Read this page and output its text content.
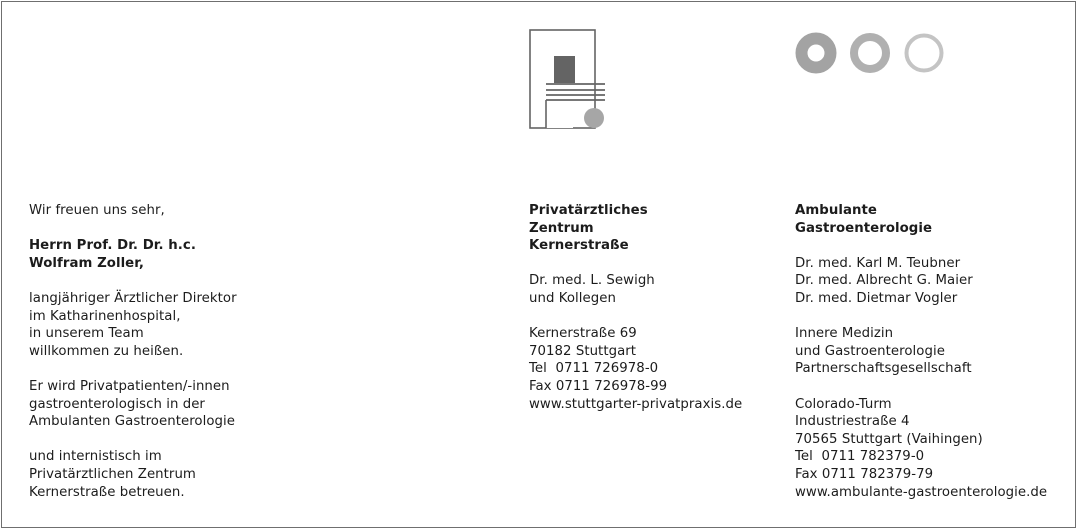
Wir freuen uns sehr,

Herrn Prof. Dr. Dr. h.c.

Wolfram Zoller,

langjähriger Ärztlicher Direktor

im Katharinenhospital,

in unserem Team

willkommen zu heißen.

Er wird Privatpatienten/-innen

gastroenterologisch in der

Ambulanten Gastroenterologie

und internistisch im

Privatärztlichen Zentrum

Kernerstraße betreuen.

Privatärztliches

Zentrum

Kernerstraße

Dr. med. L. Sewigh

und Kollegen

Kernerstraße 69

70182 Stuttgart

Tel  0711 726978-0

Fax 0711 726978-99

www.stuttgarter-privatpraxis.de

Ambulante

Gastroenterologie

Dr. med. Karl M. Teubner

Dr. med. Albrecht G. Maier

Dr. med. Dietmar Vogler

Innere Medizin

und Gastroenterologie

Partnerschaftsgesellschaft

Colorado-Turm

Industriestraße 4

70565 Stuttgart (Vaihingen)

Tel  0711 782379-0

Fax 0711 782379-79

www.ambulante-gastroenterologie.de
